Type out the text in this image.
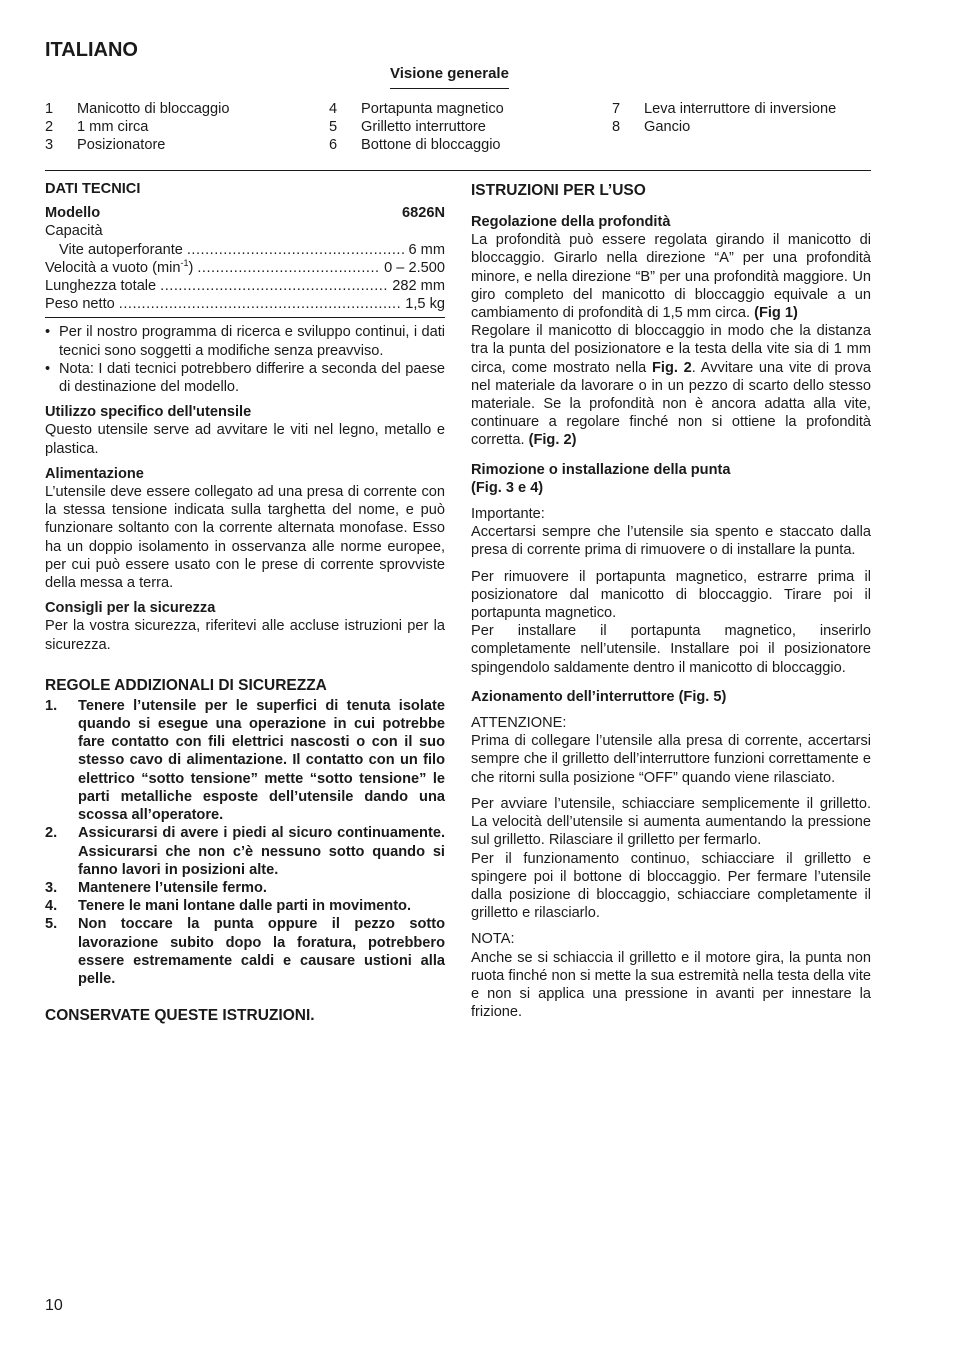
ITALIANO
Visione generale
1 Manicotto di bloccaggio
2 1 mm circa
3 Posizionatore
4 Portapunta magnetico
5 Grilletto interruttore
6 Bottone di bloccaggio
7 Leva interruttore di inversione
8 Gancio
DATI TECNICI
Modello	6826N
Capacità
Vite autoperforante .....	6 mm
Velocità a vuoto $(\min^{-1})$ .....	0 – 2.500
Lunghezza totale .....	282 mm
Peso netto .....	1,5 kg
• Per il nostro programma di ricerca e sviluppo continui, i dati tecnici sono soggetti a modifiche senza preavviso.

• Nota: I dati tecnici potrebbero differire a seconda del paese di destinazione del modello.

Utilizzo specifico dell'utensile

Questo utensile serve ad avvitare le viti nel legno, metallo e plastica.

Alimentazione

L’utensile deve essere collegato ad una presa di corrente con la stessa tensione indicata sulla targhetta del nome, e può funzionare soltanto con la corrente alternata monofase. Esso ha un doppio isolamento in osservanza alle norme europee, per cui può essere usato con le prese di corrente sprovviste della messa a terra.

Consigli per la sicurezza

Per la vostra sicurezza, riferitevi alle accluse istruzioni per la sicurezza.

REGOLE ADDIZIONALI DI SICUREZZA
1.	Tenere l’utensile per le superfici di tenuta isolate quando si esegue una operazione in cui potrebbe fare contatto con fili elettrici nascosti o con il suo stesso cavo di alimentazione. Il contatto con un filo elettrico “sotto tensione” mette “sotto tensione” le parti metalliche esposte dell’utensile dando una scossa all’operatore.

2.	Assicurarsi di avere i piedi al sicuro continuamente. Assicurarsi che non c’è nessuno sotto quando si fanno lavori in posizioni alte.

3.	Mantenere l’utensile fermo.

4.	Tenere le mani lontane dalle parti in movimento.

5.	Non toccare la punta oppure il pezzo sotto lavorazione subito dopo la foratura, potrebbero essere estremamente caldi e causare ustioni alla pelle.

CONSERVATE QUESTE ISTRUZIONI.
ISTRUZIONI PER L’USO
Regolazione della profondità

La profondità può essere regolata girando il manicotto di bloccaggio. Girarlo nella direzione “A” per una profondità minore, e nella direzione “B” per una profondità maggiore. Un giro completo del manicotto di bloccaggio equivale a un cambiamento di profondità di 1,5 mm circa. (Fig 1)

Regolare il manicotto di bloccaggio in modo che la distanza tra la punta del posizionatore e la testa della vite sia di 1 mm circa, come mostrato nella Fig. 2. Avvitare una vite di prova nel materiale da lavorare o in un pezzo di scarto dello stesso materiale. Se la profondità non è ancora adatta alla vite, continuare a regolare finché non si ottiene la profondità corretta. (Fig. 2)

Rimozione o installazione della punta
(Fig. 3 e 4)
Importante:

Accertarsi sempre che l’utensile sia spento e staccato dalla presa di corrente prima di rimuovere o di installare la punta.

Per rimuovere il portapunta magnetico, estrarre prima il posizionatore dal manicotto di bloccaggio. Tirare poi il portapunta magnetico.

Per installare il portapunta magnetico, inserirlo completamente nell’utensile. Installare poi il posizionatore spingendolo saldamente dentro il manicotto di bloccaggio.

Azionamento dell’interruttore (Fig. 5)
ATTENZIONE:

Prima di collegare l’utensile alla presa di corrente, accertarsi sempre che il grilletto dell’interruttore funzioni correttamente e che ritorni sulla posizione “OFF” quando viene rilasciato.

Per avviare l’utensile, schiacciare semplicemente il grilletto. La velocità dell’utensile si aumenta aumentando la pressione sul grilletto. Rilasciare il grilletto per fermarlo.

Per il funzionamento continuo, schiacciare il grilletto e spingere poi il bottone di bloccaggio. Per fermare l’utensile dalla posizione di bloccaggio, schiacciare completamente il grilletto e rilasciarlo.

NOTA:

Anche se si schiaccia il grilletto e il motore gira, la punta non ruota finché non si mette la sua estremità nella testa della vite e non si applica una pressione in avanti per innestare la frizione.

10
